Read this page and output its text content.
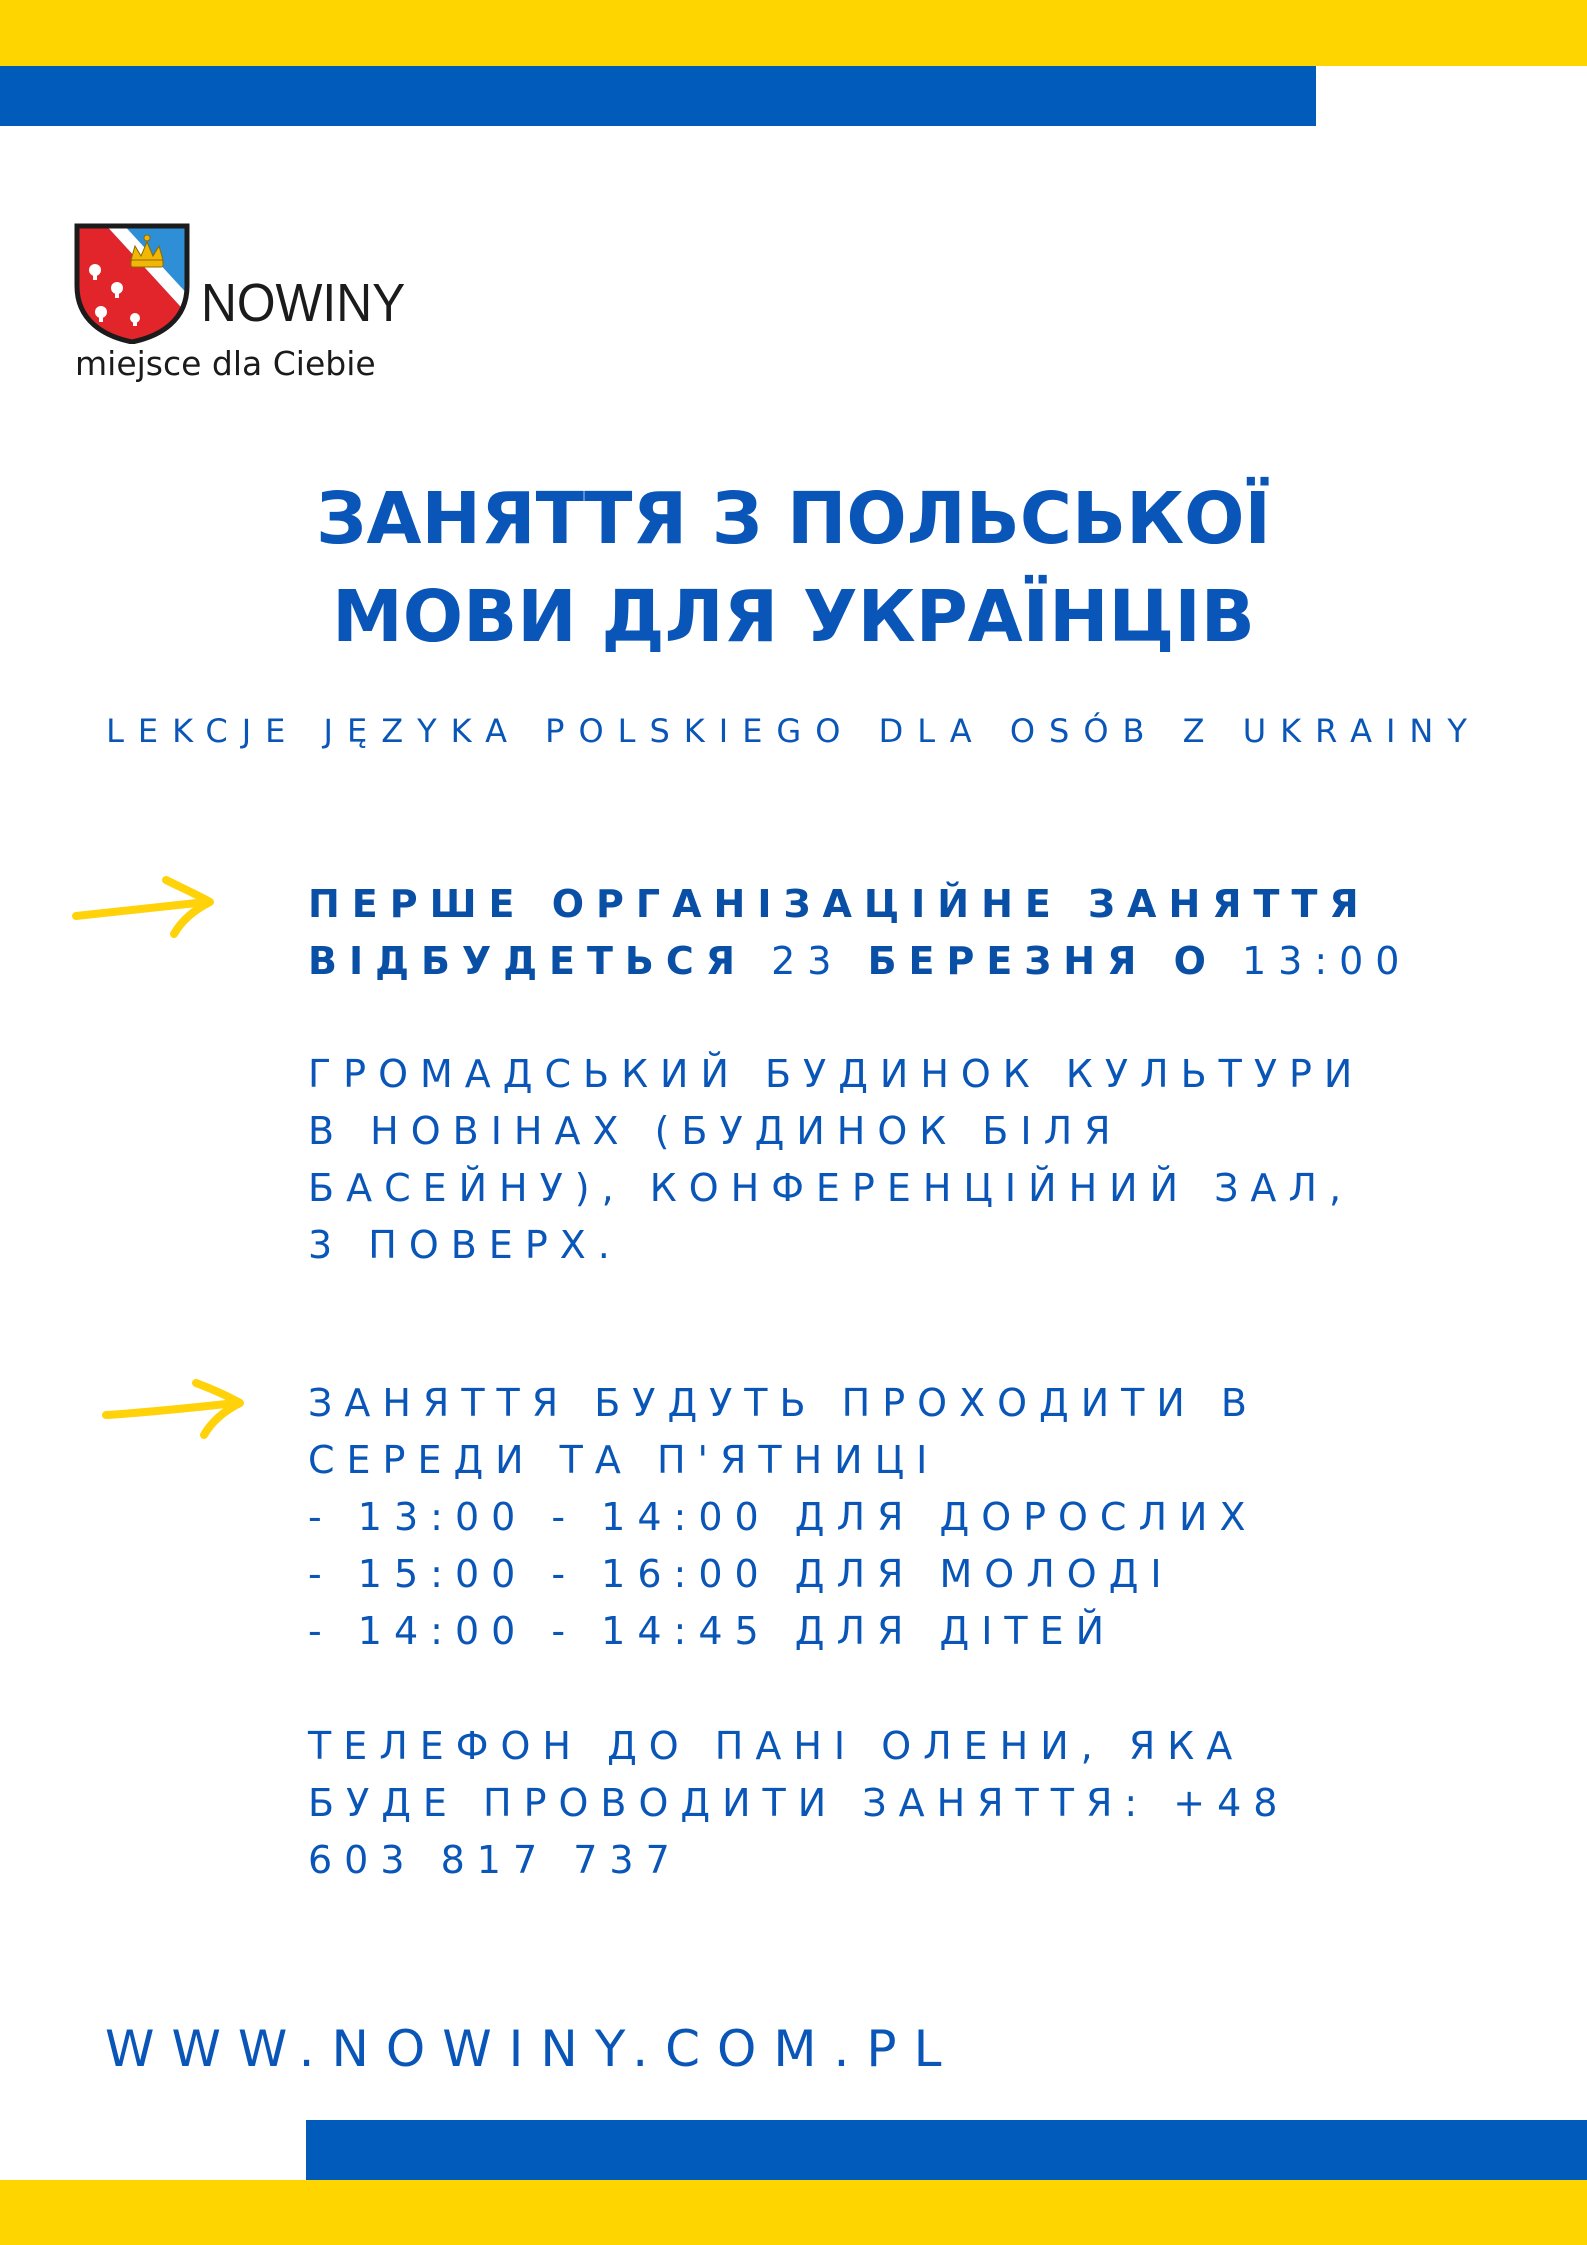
NOWINY
miejsce dla Ciebie
ЗАНЯТТЯ З ПОЛЬСЬКОЇ
МОВИ ДЛЯ УКРАЇНЦІВ
LEKCJE JĘZYKA POLSKIEGO DLA OSÓB Z UKRAINY
ПЕРШЕ ОРГАНІЗАЦІЙНЕ ЗАНЯТТЯ
ВІДБУДЕТЬСЯ 23 БЕРЕЗНЯ О 13:00
ГРОМАДСЬКИЙ БУДИНОК КУЛЬТУРИ
В НОВІНАХ (БУДИНОК БІЛЯ
БАСЕЙНУ), КОНФЕРЕНЦІЙНИЙ ЗАЛ,
3 ПОВЕРХ.
ЗАНЯТТЯ БУДУТЬ ПРОХОДИТИ В
СЕРЕДИ ТА П'ЯТНИЦІ
- 13:00 - 14:00 ДЛЯ ДОРОСЛИХ
- 15:00 - 16:00 ДЛЯ МОЛОДІ
- 14:00 - 14:45 ДЛЯ ДІТЕЙ
ТЕЛЕФОН ДО ПАНІ ОЛЕНИ, ЯКА
БУДЕ ПРОВОДИТИ ЗАНЯТТЯ: +48
603 817 737
WWW.NOWINY.COM.PL
